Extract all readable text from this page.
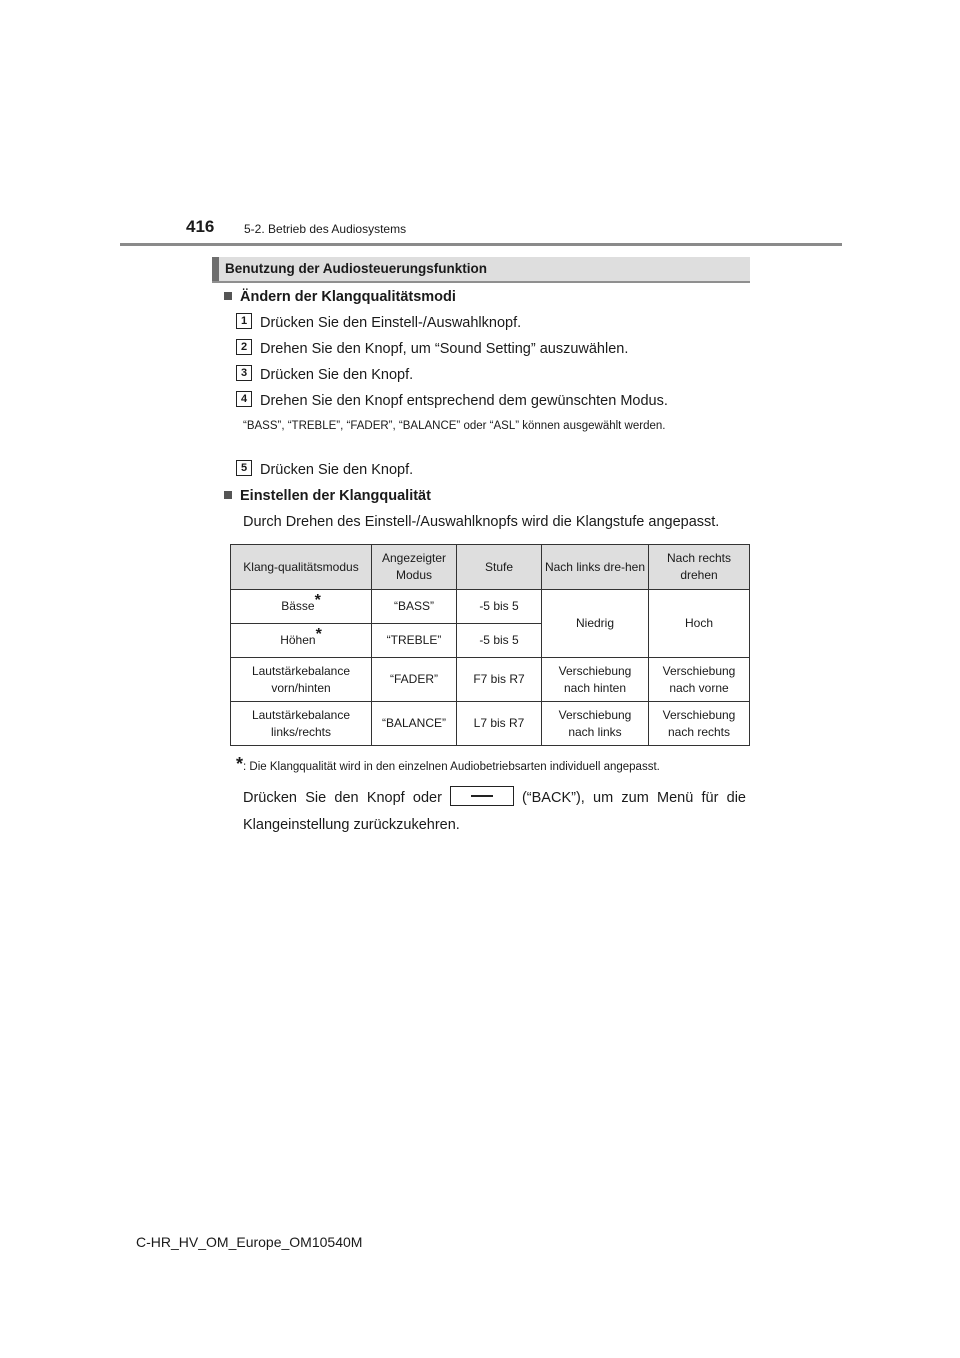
416 5-2. Betrieb des Audiosystems
Benutzung der Audiosteuerungsfunktion
Ändern der Klangqualitätsmodi
1 Drücken Sie den Einstell-/Auswahlknopf.
2 Drehen Sie den Knopf, um “Sound Setting” auszuwählen.
3 Drücken Sie den Knopf.
4 Drehen Sie den Knopf entsprechend dem gewünschten Modus.
“BASS”, “TREBLE”, “FADER”, “BALANCE” oder “ASL” können ausgewählt werden.
5 Drücken Sie den Knopf.
Einstellen der Klangqualität
Durch Drehen des Einstell-/Auswahlknopfs wird die Klangstufe angepasst.
Klang-qualitätsmodus	Angezeigter Modus	Stufe	Nach links dre-hen	Nach rechts drehen
Bässe*	“BASS”	-5 bis 5	Niedrig	Hoch
Höhen*	“TREBLE”	-5 bis 5		
Lautstärkebalance vorn/hinten	“FADER”	F7 bis R7	Verschiebung nach hinten	Verschiebung nach vorne
Lautstärkebalance links/rechts	“BALANCE”	L7 bis R7	Verschiebung nach links	Verschiebung nach rechts
*: Die Klangqualität wird in den einzelnen Audiobetriebsarten individuell angepasst.
Drücken Sie den Knopf oder	(“BACK”), um zum Menü für die Klangeinstellung zurückzukehren.
C-HR_HV_OM_Europe_OM10540M
